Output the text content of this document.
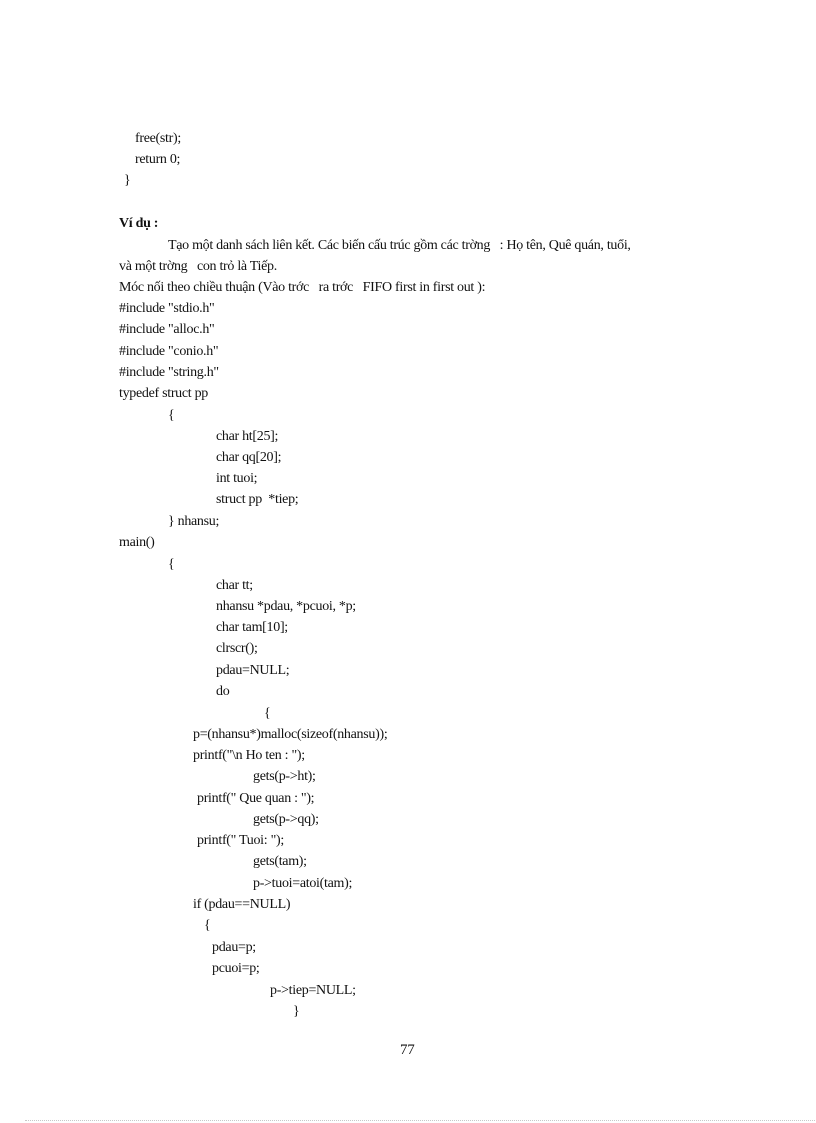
free(str);
return 0;
}
Ví dụ :
Tạo một danh sách liên kết. Các biến cấu trúc gồm các trờng   : Họ tên, Quê quán, tuổi,
và một trờng   con trỏ là Tiếp.
Móc nối theo chiều thuận (Vào trớc   ra trớc   FIFO first in first out ):
#include "stdio.h"
#include "alloc.h"
#include "conio.h"
#include "string.h"
typedef struct pp
{
char ht[25];
char qq[20];
int tuoi;
struct pp  *tiep;
} nhansu;
main()
{
char tt;
nhansu *pdau, *pcuoi, *p;
char tam[10];
clrscr();
pdau=NULL;
do
{
p=(nhansu*)malloc(sizeof(nhansu));
printf("\n Ho ten : ");
gets(p->ht);
printf(" Que quan : ");
gets(p->qq);
printf(" Tuoi: ");
gets(tam);
p->tuoi=atoi(tam);
if (pdau==NULL)
{
pdau=p;
pcuoi=p;
p->tiep=NULL;
}
77
